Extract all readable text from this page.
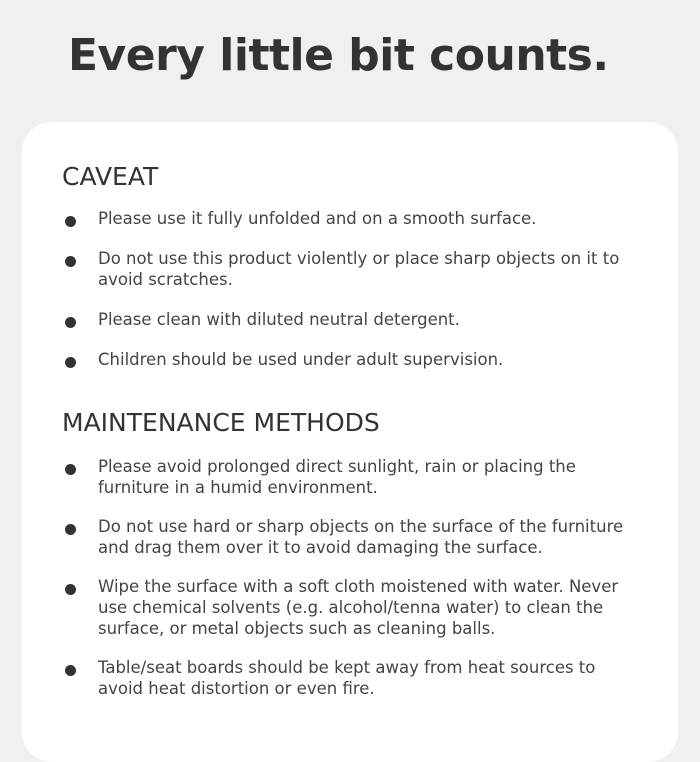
Every little bit counts.
CAVEAT
Please use it fully unfolded and on a smooth surface.
Do not use this product violently or place sharp objects on it to avoid scratches.
Please clean with diluted neutral detergent.
Children should be used under adult supervision.
MAINTENANCE METHODS
Please avoid prolonged direct sunlight, rain or placing the furniture in a humid environment.
Do not use hard or sharp objects on the surface of the furniture and drag them over it to avoid damaging the surface.
Wipe the surface with a soft cloth moistened with water. Never use chemical solvents (e.g. alcohol/tenna water) to clean the surface, or metal objects such as cleaning balls.
Table/seat boards should be kept away from heat sources to avoid heat distortion or even fire.
